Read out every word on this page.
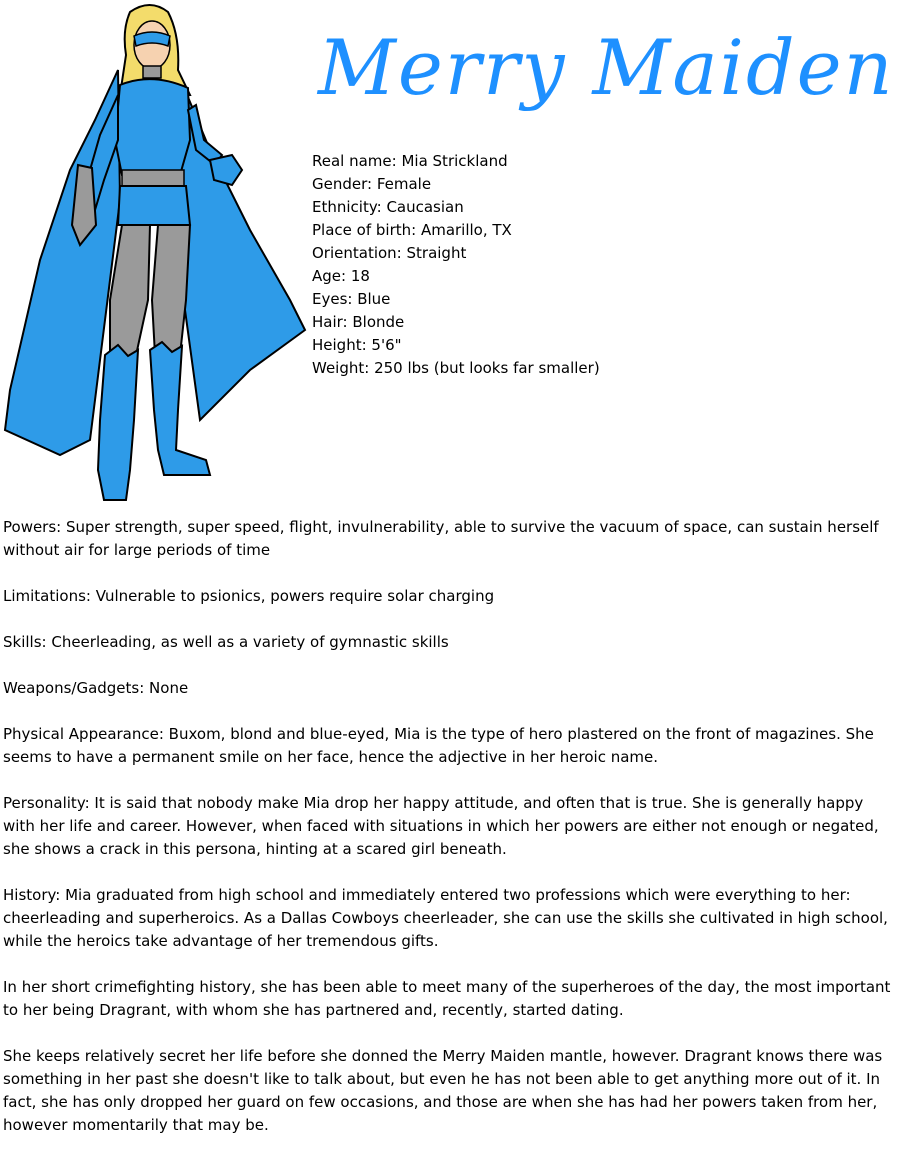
Merry Maiden
Real name: Mia Strickland
Gender: Female
Ethnicity: Caucasian
Place of birth: Amarillo, TX
Orientation: Straight
Age: 18
Eyes: Blue
Hair: Blonde
Height: 5'6"
Weight: 250 lbs (but looks far smaller)

Powers: Super strength, super speed, flight, invulnerability, able to survive the vacuum of space, can sustain herself without air for large periods of time

Limitations: Vulnerable to psionics, powers require solar charging

Skills: Cheerleading, as well as a variety of gymnastic skills

Weapons/Gadgets: None

Physical Appearance: Buxom, blond and blue-eyed, Mia is the type of hero plastered on the front of magazines. She seems to have a permanent smile on her face, hence the adjective in her heroic name.

Personality: It is said that nobody make Mia drop her happy attitude, and often that is true. She is generally happy with her life and career. However, when faced with situations in which her powers are either not enough or negated, she shows a crack in this persona, hinting at a scared girl beneath.

History: Mia graduated from high school and immediately entered two professions which were everything to her: cheerleading and superheroics. As a Dallas Cowboys cheerleader, she can use the skills she cultivated in high school, while the heroics take advantage of her tremendous gifts.

In her short crimefighting history, she has been able to meet many of the superheroes of the day, the most important to her being Dragrant, with whom she has partnered and, recently, started dating.

She keeps relatively secret her life before she donned the Merry Maiden mantle, however. Dragrant knows there was something in her past she doesn't like to talk about, but even he has not been able to get anything more out of it. In fact, she has only dropped her guard on few occasions, and those are when she has had her powers taken from her, however momentarily that may be.
